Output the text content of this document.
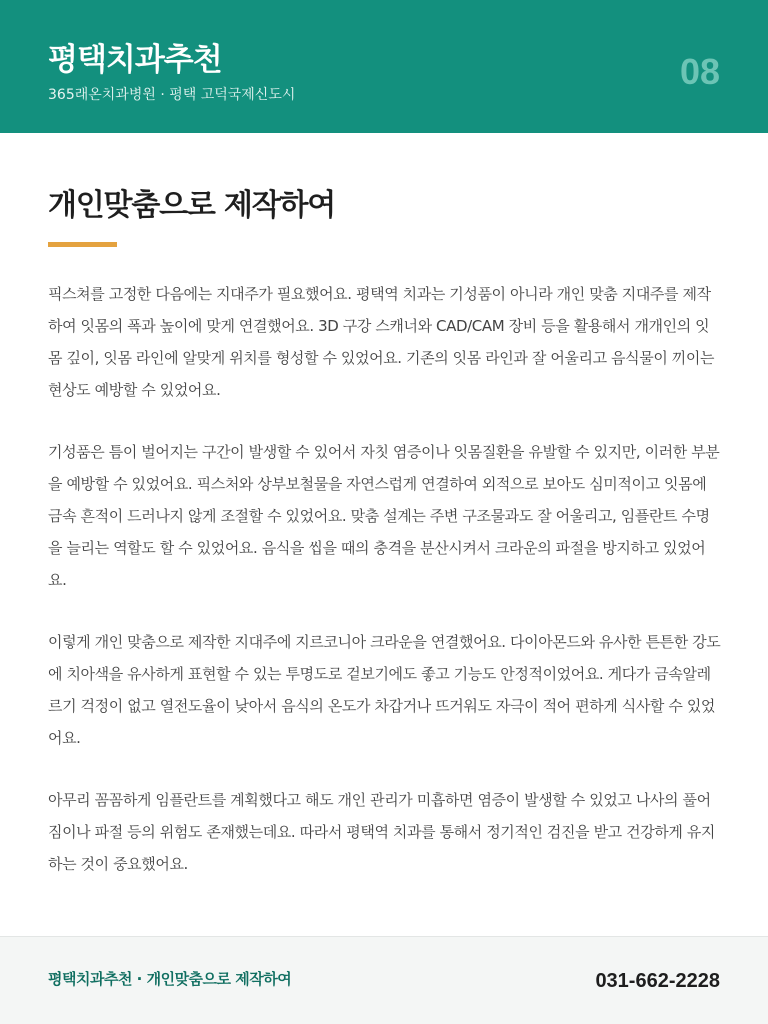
평택치과추천
365래온치과병원 · 평택 고덕국제신도시
08
개인맞춤으로 제작하여

픽스쳐를 고정한 다음에는 지대주가 필요했어요. 평택역 치과는 기성품이 아니라 개인 맞춤 지대주를 제작하여 잇몸의 폭과 높이에 맞게 연결했어요. 3D 구강 스캐너와 CAD/CAM 장비 등을 활용해서 개개인의 잇몸 깊이, 잇몸 라인에 알맞게 위치를 형성할 수 있었어요. 기존의 잇몸 라인과 잘 어울리고 음식물이 끼이는 현상도 예방할 수 있었어요.

기성품은 틈이 벌어지는 구간이 발생할 수 있어서 자칫 염증이나 잇몸질환을 유발할 수 있지만, 이러한 부분을 예방할 수 있었어요. 픽스처와 상부보철물을 자연스럽게 연결하여 외적으로 보아도 심미적이고 잇몸에 금속 흔적이 드러나지 않게 조절할 수 있었어요. 맞춤 설계는 주변 구조물과도 잘 어울리고, 임플란트 수명을 늘리는 역할도 할 수 있었어요. 음식을 씹을 때의 충격을 분산시켜서 크라운의 파절을 방지하고 있었어요.

이렇게 개인 맞춤으로 제작한 지대주에 지르코니아 크라운을 연결했어요. 다이아몬드와 유사한 튼튼한 강도에 치아색을 유사하게 표현할 수 있는 투명도로 겉보기에도 좋고 기능도 안정적이었어요. 게다가 금속알레르기 걱정이 없고 열전도율이 낮아서 음식의 온도가 차갑거나 뜨거워도 자극이 적어 편하게 식사할 수 있었어요.

아무리 꼼꼼하게 임플란트를 계획했다고 해도 개인 관리가 미흡하면 염증이 발생할 수 있었고 나사의 풀어짐이나 파절 등의 위험도 존재했는데요. 따라서 평택역 치과를 통해서 정기적인 검진을 받고 건강하게 유지하는 것이 중요했어요.

평택치과추천 · 개인맞춤으로 제작하여	031-662-2228
